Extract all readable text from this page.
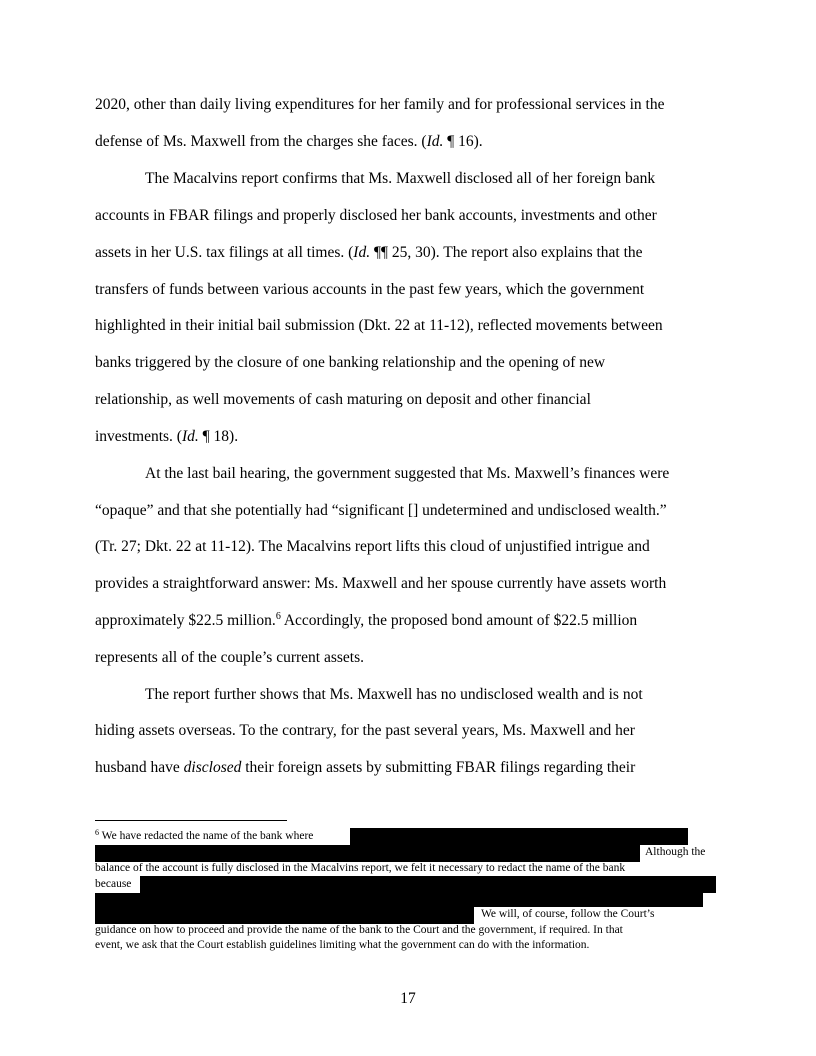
2020, other than daily living expenditures for her family and for professional services in the
defense of Ms. Maxwell from the charges she faces. (Id. ¶ 16).
The Macalvins report confirms that Ms. Maxwell disclosed all of her foreign bank
accounts in FBAR filings and properly disclosed her bank accounts, investments and other
assets in her U.S. tax filings at all times. (Id. ¶¶ 25, 30). The report also explains that the
transfers of funds between various accounts in the past few years, which the government
highlighted in their initial bail submission (Dkt. 22 at 11-12), reflected movements between
banks triggered by the closure of one banking relationship and the opening of new
relationship, as well movements of cash maturing on deposit and other financial
investments. (Id. ¶ 18).
At the last bail hearing, the government suggested that Ms. Maxwell’s finances were
“opaque” and that she potentially had “significant [] undetermined and undisclosed wealth.”
(Tr. 27; Dkt. 22 at 11-12). The Macalvins report lifts this cloud of unjustified intrigue and
provides a straightforward answer: Ms. Maxwell and her spouse currently have assets worth
approximately $22.5 million.$^6$ Accordingly, the proposed bond amount of $22.5 million
represents all of the couple’s current assets.
The report further shows that Ms. Maxwell has no undisclosed wealth and is not
hiding assets overseas. To the contrary, for the past several years, Ms. Maxwell and her
husband have disclosed their foreign assets by submitting FBAR filings regarding their
$^6$ We have redacted the name of the bank where
Although the
balance of the account is fully disclosed in the Macalvins report, we felt it necessary to redact the name of the bank
because
We will, of course, follow the Court’s
guidance on how to proceed and provide the name of the bank to the Court and the government, if required. In that
event, we ask that the Court establish guidelines limiting what the government can do with the information.
17
